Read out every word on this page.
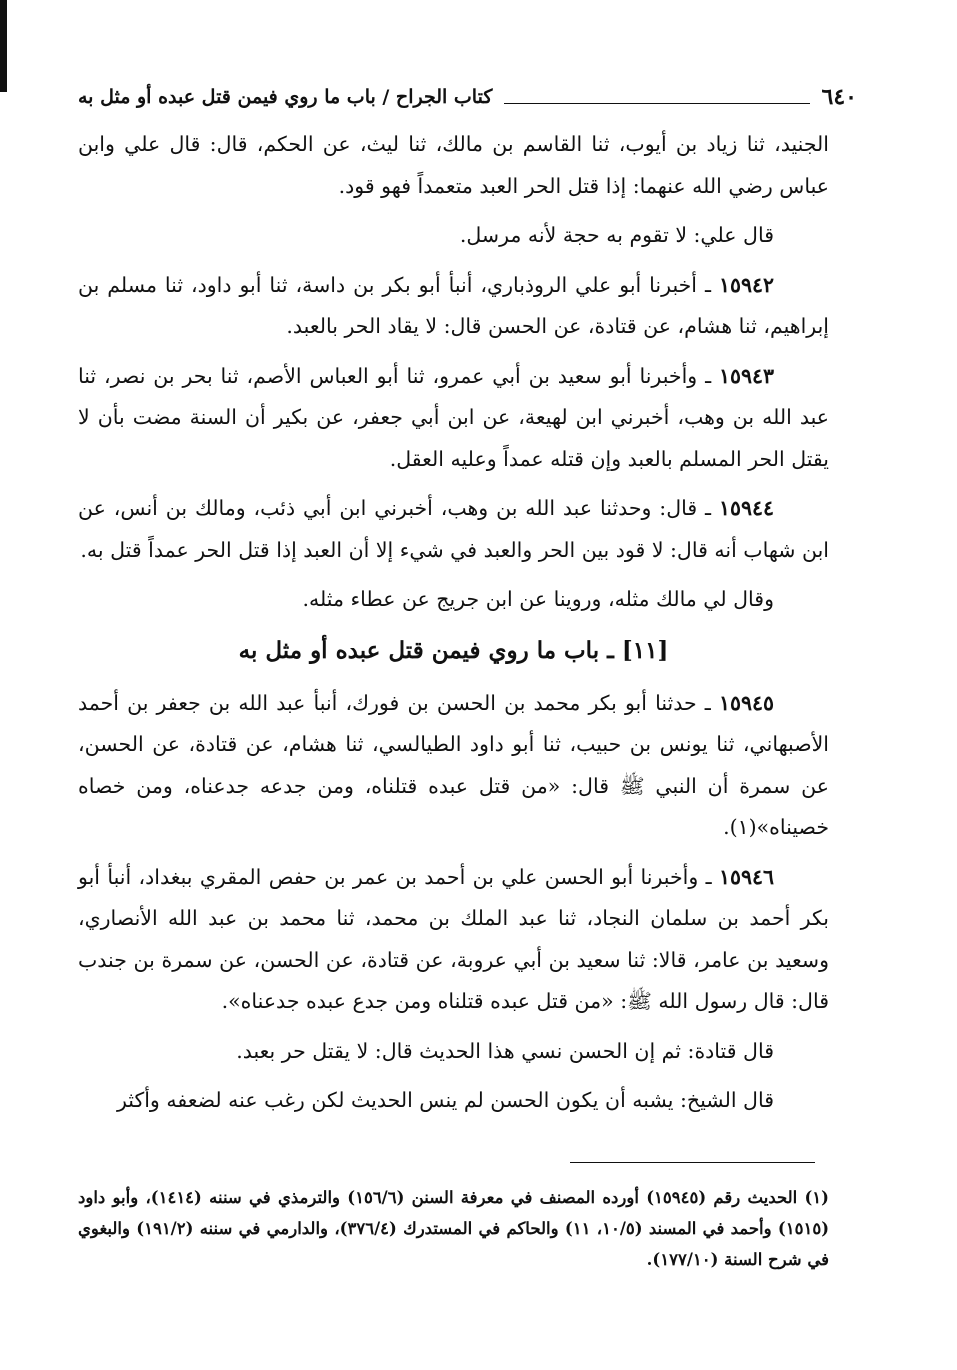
٦٤٠
كتاب الجراح / باب ما روي فيمن قتل عبده أو مثل به

الجنيد، ثنا زياد بن أيوب، ثنا القاسم بن مالك، ثنا ليث، عن الحكم، قال: قال علي وابن عباس رضي الله عنهما: إذا قتل الحر العبد متعمداً فهو قود.

قال علي: لا تقوم به حجة لأنه مرسل.

١٥٩٤٢ ـ أخبرنا أبو علي الروذباري، أنبأ أبو بكر بن داسة، ثنا أبو داود، ثنا مسلم بن إبراهيم، ثنا هشام، عن قتادة، عن الحسن قال: لا يقاد الحر بالعبد.

١٥٩٤٣ ـ وأخبرنا أبو سعيد بن أبي عمرو، ثنا أبو العباس الأصم، ثنا بحر بن نصر، ثنا عبد الله بن وهب، أخبرني ابن لهيعة، عن ابن أبي جعفر، عن بكير أن السنة مضت بأن لا يقتل الحر المسلم بالعبد وإن قتله عمداً وعليه العقل.

١٥٩٤٤ ـ قال: وحدثنا عبد الله بن وهب، أخبرني ابن أبي ذئب، ومالك بن أنس، عن ابن شهاب أنه قال: لا قود بين الحر والعبد في شيء إلا أن العبد إذا قتل الحر عمداً قتل به.

وقال لي مالك مثله، وروينا عن ابن جريج عن عطاء مثله.

[١١] ـ باب ما روي فيمن قتل عبده أو مثل به

١٥٩٤٥ ـ حدثنا أبو بكر محمد بن الحسن بن فورك، أنبأ عبد الله بن جعفر بن أحمد الأصبهاني، ثنا يونس بن حبيب، ثنا أبو داود الطيالسي، ثنا هشام، عن قتادة، عن الحسن، عن سمرة أن النبي ﷺ قال: «من قتل عبده قتلناه، ومن جدعه جدعناه، ومن خصاه خصيناه»(١).

١٥٩٤٦ ـ وأخبرنا أبو الحسن علي بن أحمد بن عمر بن حفص المقري ببغداد، أنبأ أبو بكر أحمد بن سلمان النجاد، ثنا عبد الملك بن محمد، ثنا محمد بن عبد الله الأنصاري، وسعيد بن عامر، قالا: ثنا سعيد بن أبي عروبة، عن قتادة، عن الحسن، عن سمرة بن جندب قال: قال رسول الله ﷺ: «من قتل عبده قتلناه ومن جدع عبده جدعناه».

قال قتادة: ثم إن الحسن نسي هذا الحديث قال: لا يقتل حر بعبد.

قال الشيخ: يشبه أن يكون الحسن لم ينس الحديث لكن رغب عنه لضعفه وأكثر

(١) الحديث رقم (١٥٩٤٥) أورده المصنف في معرفة السنن (١٥٦/٦) والترمذي في سننه (١٤١٤)، وأبو داود (١٥١٥) وأحمد في المسند (١٠/٥، ١١) والحاكم في المستدرك (٣٧٦/٤)، والدارمي في سننه (١٩١/٢) والبغوي في شرح السنة (١٧٧/١٠).
